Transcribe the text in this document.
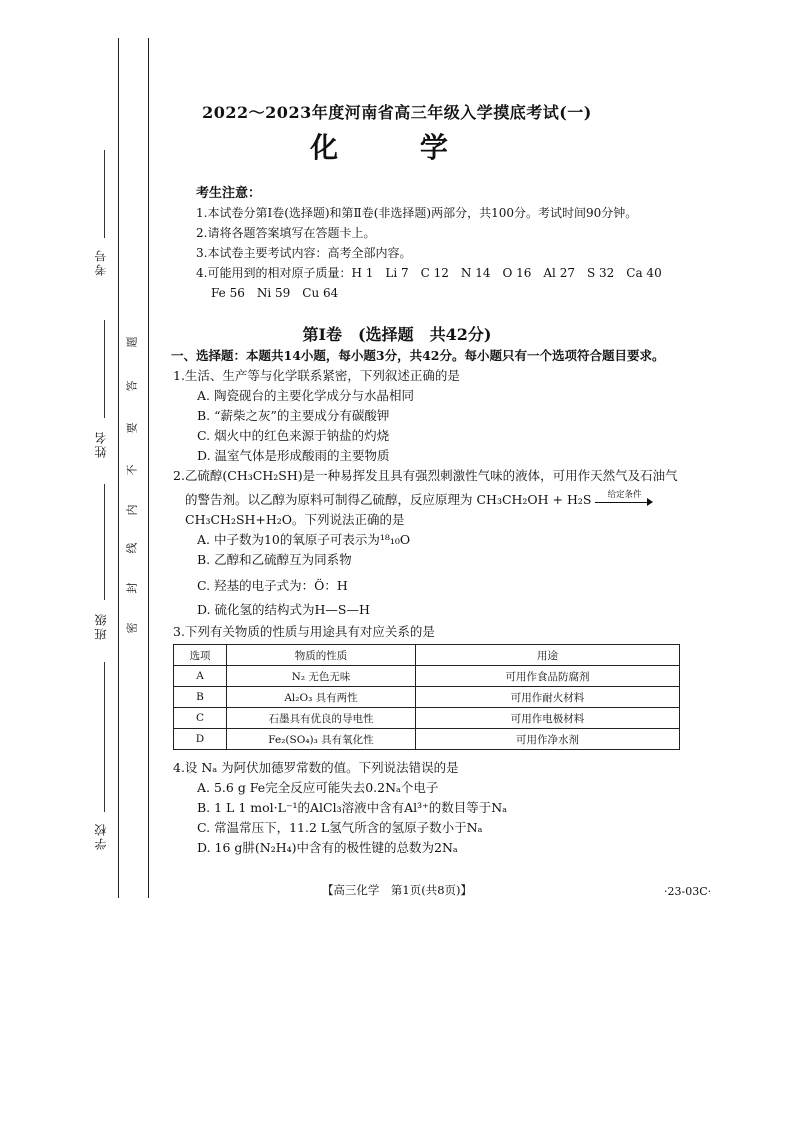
考号
姓名
班级
学校
题
答
要
不
内
线
封
密
2022～2023年度河南省高三年级入学摸底考试(一)
化 学
考生注意：
1.本试卷分第Ⅰ卷(选择题)和第Ⅱ卷(非选择题)两部分，共100分。考试时间90分钟。
2.请将各题答案填写在答题卡上。
3.本试卷主要考试内容：高考全部内容。
4.可能用到的相对原子质量：H 1　Li 7　C 12　N 14　O 16　Al 27　S 32　Ca 40
Fe 56　Ni 59　Cu 64
第Ⅰ卷　(选择题　共42分)
一、选择题：本题共14小题，每小题3分，共42分。每小题只有一个选项符合题目要求。
1.生活、生产等与化学联系紧密，下列叙述正确的是
A. 陶瓷砚台的主要化学成分与水晶相同
B. “薪柴之灰”的主要成分有碳酸钾
C. 烟火中的红色来源于钠盐的灼烧
D. 温室气体是形成酸雨的主要物质
2.乙硫醇(CH₃CH₂SH)是一种易挥发且具有强烈刺激性气味的液体，可用作天然气及石油气
的警告剂。以乙醇为原料可制得乙硫醇，反应原理为 CH₃CH₂OH + H₂S	给定条件
CH₃CH₂SH+H₂O。下列说法正确的是
A. 中子数为10的氧原子可表示为¹⁸₁₀O
B. 乙醇和乙硫醇互为同系物
C. 羟基的电子式为：Ö：H
D. 硫化氢的结构式为H—S—H
3.下列有关物质的性质与用途具有对应关系的是
选项	物质的性质	用途
A	N₂ 无色无味	可用作食品防腐剂
B	Al₂O₃ 具有两性	可用作耐火材料
C	石墨具有优良的导电性	可用作电极材料
D	Fe₂(SO₄)₃ 具有氧化性	可用作净水剂
4.设 Nₐ 为阿伏加德罗常数的值。下列说法错误的是
A. 5.6 g Fe完全反应可能失去0.2Nₐ个电子
B. 1 L 1 mol·L⁻¹的AlCl₃溶液中含有Al³⁺的数目等于Nₐ
C. 常温常压下，11.2 L氢气所含的氢原子数小于Nₐ
D. 16 g肼(N₂H₄)中含有的极性键的总数为2Nₐ
【高三化学　第1页(共8页)】	·23-03C·
